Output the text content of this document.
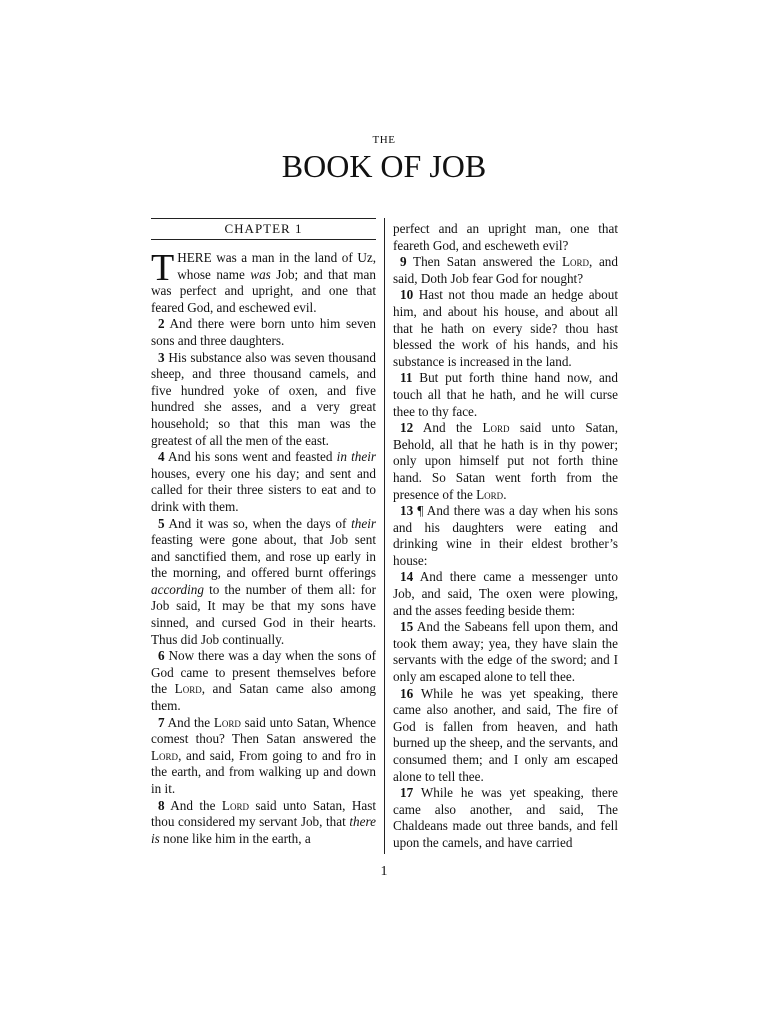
THE
BOOK OF JOB
CHAPTER 1

THERE was a man in the land of Uz, whose name was Job; and that man was perfect and upright, and one that feared God, and eschewed evil.

2 And there were born unto him seven sons and three daughters.

3 His substance also was seven thousand sheep, and three thousand camels, and five hundred yoke of oxen, and five hundred she asses, and a very great household; so that this man was the greatest of all the men of the east.

4 And his sons went and feasted in their houses, every one his day; and sent and called for their three sisters to eat and to drink with them.

5 And it was so, when the days of their feasting were gone about, that Job sent and sanctified them, and rose up early in the morning, and offered burnt offerings according to the number of them all: for Job said, It may be that my sons have sinned, and cursed God in their hearts. Thus did Job continually.

6 Now there was a day when the sons of God came to present themselves before the Lord, and Satan came also among them.

7 And the Lord said unto Satan, Whence comest thou? Then Satan answered the Lord, and said, From going to and fro in the earth, and from walking up and down in it.

8 And the Lord said unto Satan, Hast thou considered my servant Job, that there is none like him in the earth, a

perfect and an upright man, one that feareth God, and escheweth evil?

9 Then Satan answered the Lord, and said, Doth Job fear God for nought?

10 Hast not thou made an hedge about him, and about his house, and about all that he hath on every side? thou hast blessed the work of his hands, and his substance is increased in the land.

11 But put forth thine hand now, and touch all that he hath, and he will curse thee to thy face.

12 And the Lord said unto Satan, Behold, all that he hath is in thy power; only upon himself put not forth thine hand. So Satan went forth from the presence of the Lord.

13 ¶ And there was a day when his sons and his daughters were eating and drinking wine in their eldest brother’s house:

14 And there came a messenger unto Job, and said, The oxen were plowing, and the asses feeding beside them:

15 And the Sabeans fell upon them, and took them away; yea, they have slain the servants with the edge of the sword; and I only am escaped alone to tell thee.

16 While he was yet speaking, there came also another, and said, The fire of God is fallen from heaven, and hath burned up the sheep, and the servants, and consumed them; and I only am escaped alone to tell thee.

17 While he was yet speaking, there came also another, and said, The Chaldeans made out three bands, and fell upon the camels, and have carried

1
